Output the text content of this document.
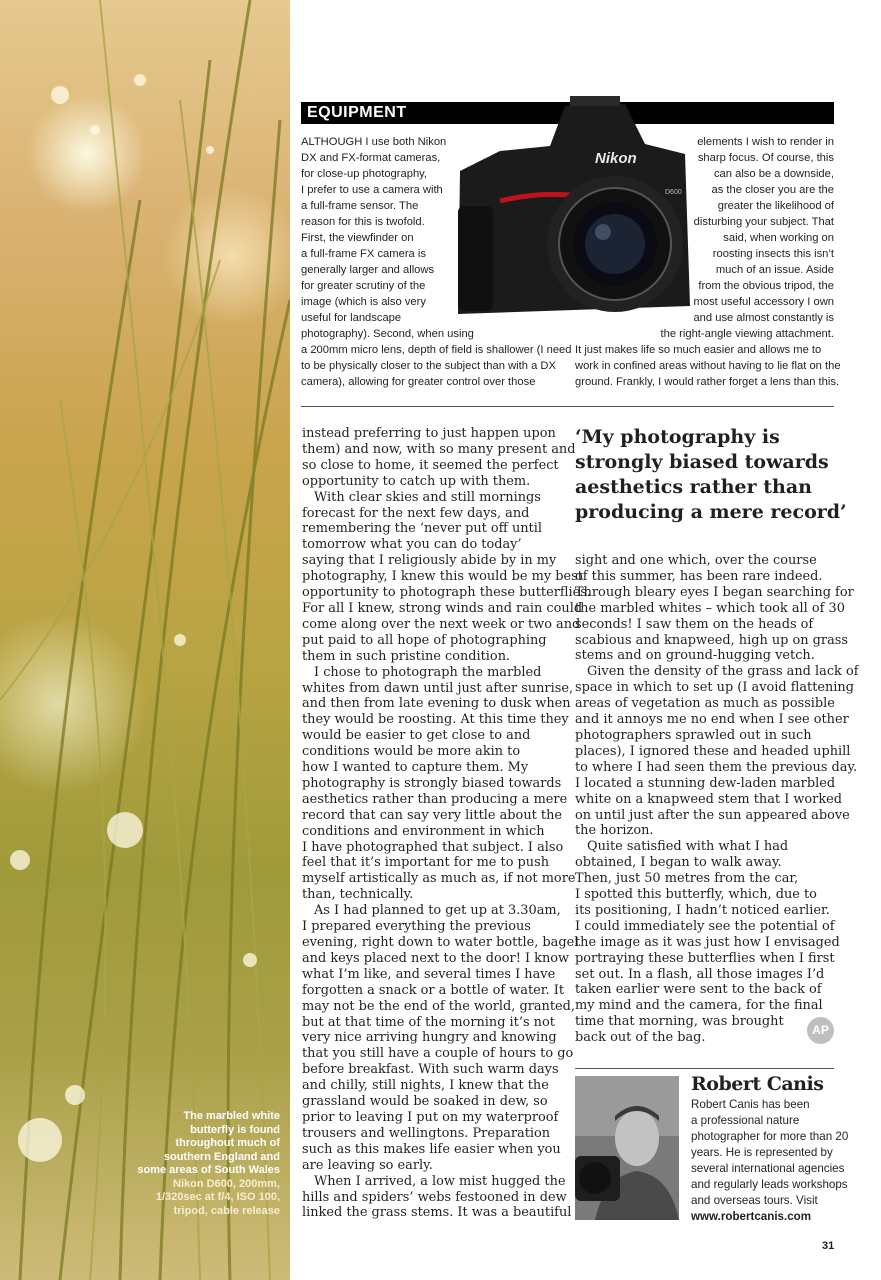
The marbled white
butterfly is found
throughout much of
southern England and
some areas of South Wales
Nikon D600, 200mm,
1/320sec at f/4, ISO 100,
tripod, cable release
EQUIPMENT
ALTHOUGH I use both Nikon
DX and FX-format cameras,
for close-up photography,
I prefer to use a camera with
a full-frame sensor. The
reason for this is twofold.
First, the viewfinder on
a full-frame FX camera is
generally larger and allows
for greater scrutiny of the
image (which is also very
useful for landscape
photography). Second, when using
elements I wish to render in
sharp focus. Of course, this
can also be a downside,
as the closer you are the
greater the likelihood of
disturbing your subject. That
said, when working on
roosting insects this isn’t
much of an issue. Aside
from the obvious tripod, the
most useful accessory I own
and use almost constantly is
the right-angle viewing attachment.
a 200mm micro lens, depth of field is shallower (I need
to be physically closer to the subject than with a DX
camera), allowing for greater control over those
It just makes life so much easier and allows me to
work in confined areas without having to lie flat on the
ground. Frankly, I would rather forget a lens than this.
Nikon
D600
instead preferring to just happen upon
them) and now, with so many present and
so close to home, it seemed the perfect
opportunity to catch up with them.
With clear skies and still mornings
forecast for the next few days, and
remembering the ‘never put off until
tomorrow what you can do today’
saying that I religiously abide by in my
photography, I knew this would be my best
opportunity to photograph these butterflies.
For all I knew, strong winds and rain could
come along over the next week or two and
put paid to all hope of photographing
them in such pristine condition.
I chose to photograph the marbled
whites from dawn until just after sunrise,
and then from late evening to dusk when
they would be roosting. At this time they
would be easier to get close to and
conditions would be more akin to
how I wanted to capture them. My
photography is strongly biased towards
aesthetics rather than producing a mere
record that can say very little about the
conditions and environment in which
I have photographed that subject. I also
feel that it’s important for me to push
myself artistically as much as, if not more
than, technically.
As I had planned to get up at 3.30am,
I prepared everything the previous
evening, right down to water bottle, bagel
and keys placed next to the door! I know
what I’m like, and several times I have
forgotten a snack or a bottle of water. It
may not be the end of the world, granted,
but at that time of the morning it’s not
very nice arriving hungry and knowing
that you still have a couple of hours to go
before breakfast. With such warm days
and chilly, still nights, I knew that the
grassland would be soaked in dew, so
prior to leaving I put on my waterproof
trousers and wellingtons. Preparation
such as this makes life easier when you
are leaving so early.
When I arrived, a low mist hugged the
hills and spiders’ webs festooned in dew
linked the grass stems. It was a beautiful
‘My photography is
strongly biased towards
aesthetics rather than
producing a mere record’
sight and one which, over the course
of this summer, has been rare indeed.
Through bleary eyes I began searching for
the marbled whites – which took all of 30
seconds! I saw them on the heads of
scabious and knapweed, high up on grass
stems and on ground-hugging vetch.
Given the density of the grass and lack of
space in which to set up (I avoid flattening
areas of vegetation as much as possible
and it annoys me no end when I see other
photographers sprawled out in such
places), I ignored these and headed uphill
to where I had seen them the previous day.
I located a stunning dew-laden marbled
white on a knapweed stem that I worked
on until just after the sun appeared above
the horizon.
Quite satisfied with what I had
obtained, I began to walk away.
Then, just 50 metres from the car,
I spotted this butterfly, which, due to
its positioning, I hadn’t noticed earlier.
I could immediately see the potential of
the image as it was just how I envisaged
portraying these butterflies when I first
set out. In a flash, all those images I’d
taken earlier were sent to the back of
my mind and the camera, for the final
time that morning, was brought
back out of the bag.
AP
Robert Canis
Robert Canis has been
a professional nature
photographer for more than 20
years. He is represented by
several international agencies
and regularly leads workshops
and overseas tours. Visit
www.robertcanis.com
31
